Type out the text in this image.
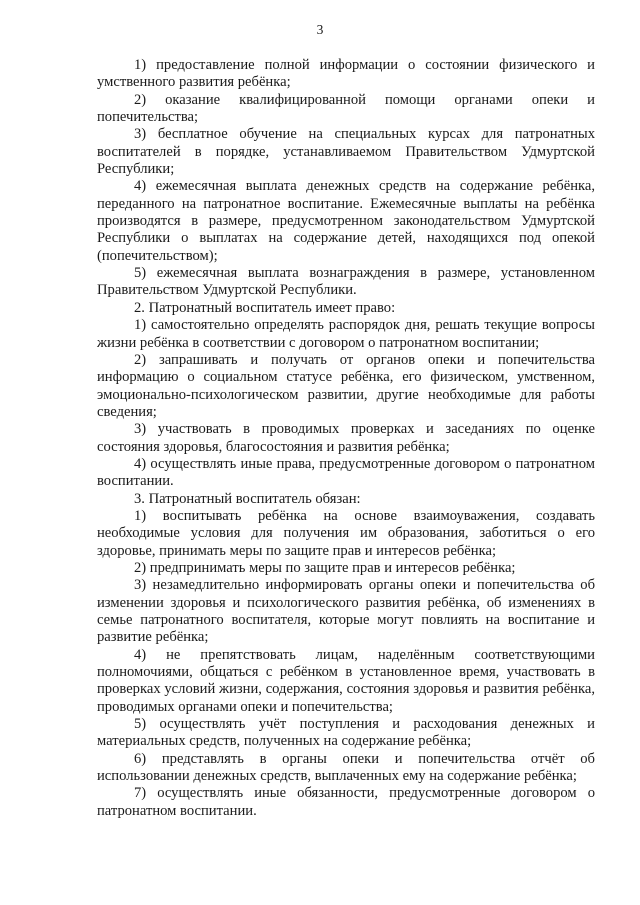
3

1) предоставление полной информации о состоянии физического и умственного развития ребёнка;

2) оказание квалифицированной помощи органами опеки и попечительства;

3) бесплатное обучение на специальных курсах для патронатных воспитателей в порядке, устанавливаемом Правительством Удмуртской Республики;

4) ежемесячная выплата денежных средств на содержание ребёнка, переданного на патронатное воспитание. Ежемесячные выплаты на ребёнка производятся в размере, предусмотренном законодательством Удмуртской Республики о выплатах на содержание детей, находящихся под опекой (попечительством);

5) ежемесячная выплата вознаграждения в размере, установленном Правительством Удмуртской Республики.

2. Патронатный воспитатель имеет право:

1) самостоятельно определять распорядок дня, решать текущие вопросы жизни ребёнка в соответствии с договором о патронатном воспитании;

2) запрашивать и получать от органов опеки и попечительства информацию о социальном статусе ребёнка, его физическом, умственном, эмоционально-психологическом развитии, другие необходимые для работы сведения;

3) участвовать в проводимых проверках и заседаниях по оценке состояния здоровья, благосостояния и развития ребёнка;

4) осуществлять иные права, предусмотренные договором о патронатном воспитании.

3. Патронатный воспитатель обязан:

1) воспитывать ребёнка на основе взаимоуважения, создавать необходимые условия для получения им образования, заботиться о его здоровье, принимать меры по защите прав и интересов ребёнка;

2) предпринимать меры по защите прав и интересов ребёнка;

3) незамедлительно информировать органы опеки и попечительства об изменении здоровья и психологического развития ребёнка, об изменениях в семье патронатного воспитателя, которые могут повлиять на воспитание и развитие ребёнка;

4) не препятствовать лицам, наделённым соответствующими полномочиями, общаться с ребёнком в установленное время, участвовать в проверках условий жизни, содержания, состояния здоровья и развития ребёнка, проводимых органами опеки и попечительства;

5) осуществлять учёт поступления и расходования денежных и материальных средств, полученных на содержание ребёнка;

6) представлять в органы опеки и попечительства отчёт об использовании денежных средств, выплаченных ему на содержание ребёнка;

7) осуществлять иные обязанности, предусмотренные договором о патронатном воспитании.
